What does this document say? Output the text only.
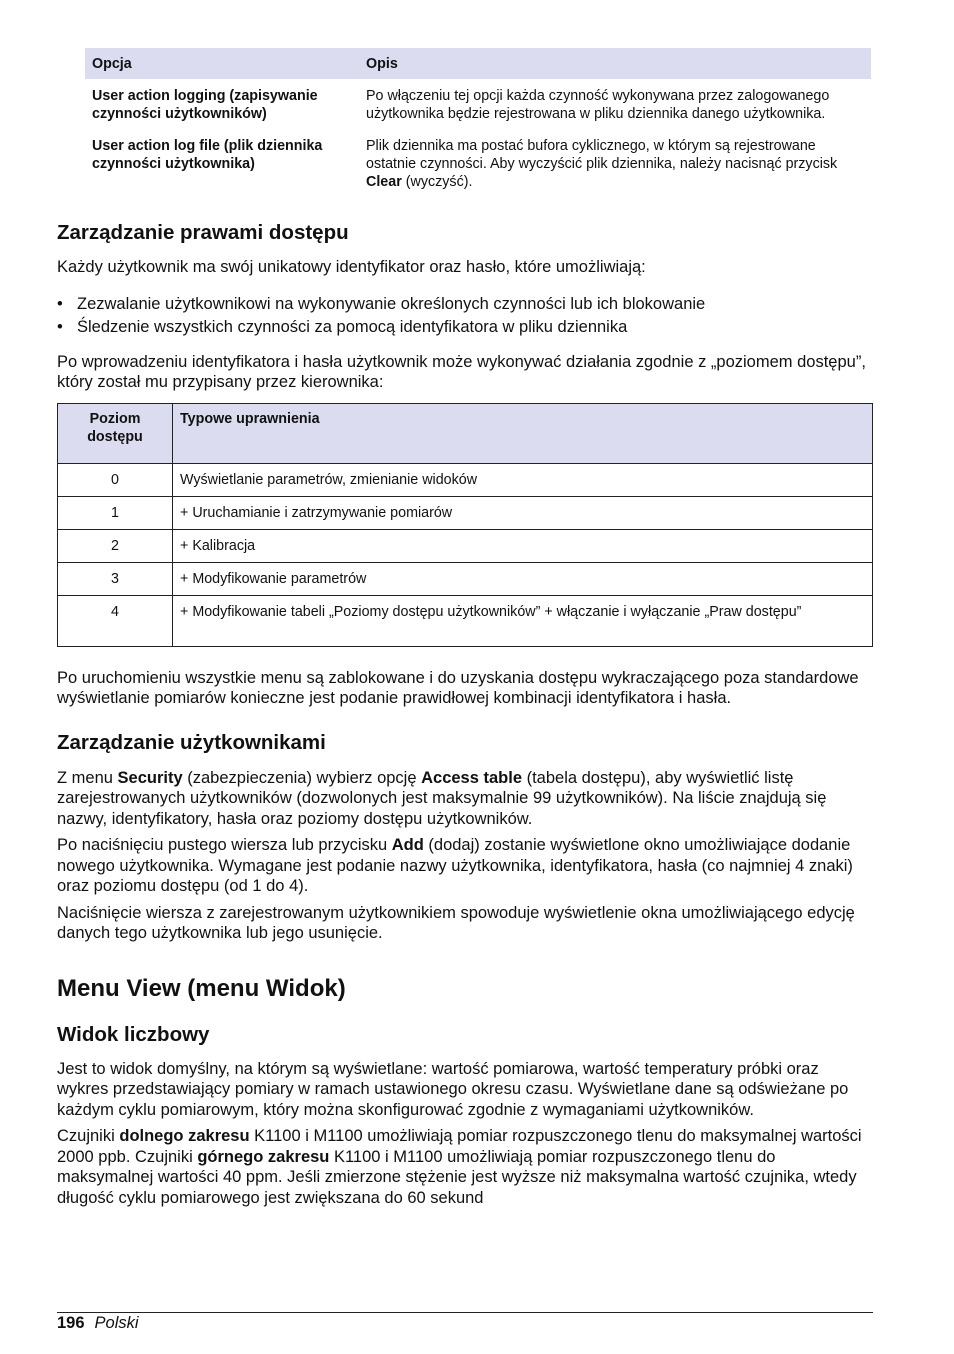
Opcja	Opis
User action logging (zapisywanie czynności użytkowników)	Po włączeniu tej opcji każda czynność wykonywana przez zalogowanego użytkownika będzie rejestrowana w pliku dziennika danego użytkownika.
User action log file (plik dziennika czynności użytkownika)	Plik dziennika ma postać bufora cyklicznego, w którym są rejestrowane ostatnie czynności. Aby wyczyścić plik dziennika, należy nacisnąć przycisk Clear (wyczyść).
Zarządzanie prawami dostępu

Każdy użytkownik ma swój unikatowy identyfikator oraz hasło, które umożliwiają:

• Zezwalanie użytkownikowi na wykonywanie określonych czynności lub ich blokowanie
• Śledzenie wszystkich czynności za pomocą identyfikatora w pliku dziennika

Po wprowadzeniu identyfikatora i hasła użytkownik może wykonywać działania zgodnie z „poziomem dostępu”, który został mu przypisany przez kierownika:

Poziom dostępu	Typowe uprawnienia
0	Wyświetlanie parametrów, zmienianie widoków
1	+ Uruchamianie i zatrzymywanie pomiarów
2	+ Kalibracja
3	+ Modyfikowanie parametrów
4	+ Modyfikowanie tabeli „Poziomy dostępu użytkowników” + włączanie i wyłączanie „Praw dostępu”

Po uruchomieniu wszystkie menu są zablokowane i do uzyskania dostępu wykraczającego poza standardowe wyświetlanie pomiarów konieczne jest podanie prawidłowej kombinacji identyfikatora i hasła.

Zarządzanie użytkownikami

Z menu Security (zabezpieczenia) wybierz opcję Access table (tabela dostępu), aby wyświetlić listę zarejestrowanych użytkowników (dozwolonych jest maksymalnie 99 użytkowników). Na liście znajdują się nazwy, identyfikatory, hasła oraz poziomy dostępu użytkowników.

Po naciśnięciu pustego wiersza lub przycisku Add (dodaj) zostanie wyświetlone okno umożliwiające dodanie nowego użytkownika. Wymagane jest podanie nazwy użytkownika, identyfikatora, hasła (co najmniej 4 znaki) oraz poziomu dostępu (od 1 do 4).

Naciśnięcie wiersza z zarejestrowanym użytkownikiem spowoduje wyświetlenie okna umożliwiającego edycję danych tego użytkownika lub jego usunięcie.

Menu View (menu Widok)
Widok liczbowy

Jest to widok domyślny, na którym są wyświetlane: wartość pomiarowa, wartość temperatury próbki oraz wykres przedstawiający pomiary w ramach ustawionego okresu czasu. Wyświetlane dane są odświeżane po każdym cyklu pomiarowym, który można skonfigurować zgodnie z wymaganiami użytkowników.

Czujniki dolnego zakresu K1100 i M1100 umożliwiają pomiar rozpuszczonego tlenu do maksymalnej wartości 2000 ppb. Czujniki górnego zakresu K1100 i M1100 umożliwiają pomiar rozpuszczonego tlenu do maksymalnej wartości 40 ppm. Jeśli zmierzone stężenie jest wyższe niż maksymalna wartość czujnika, wtedy długość cyklu pomiarowego jest zwiększana do 60 sekund

196 Polski
